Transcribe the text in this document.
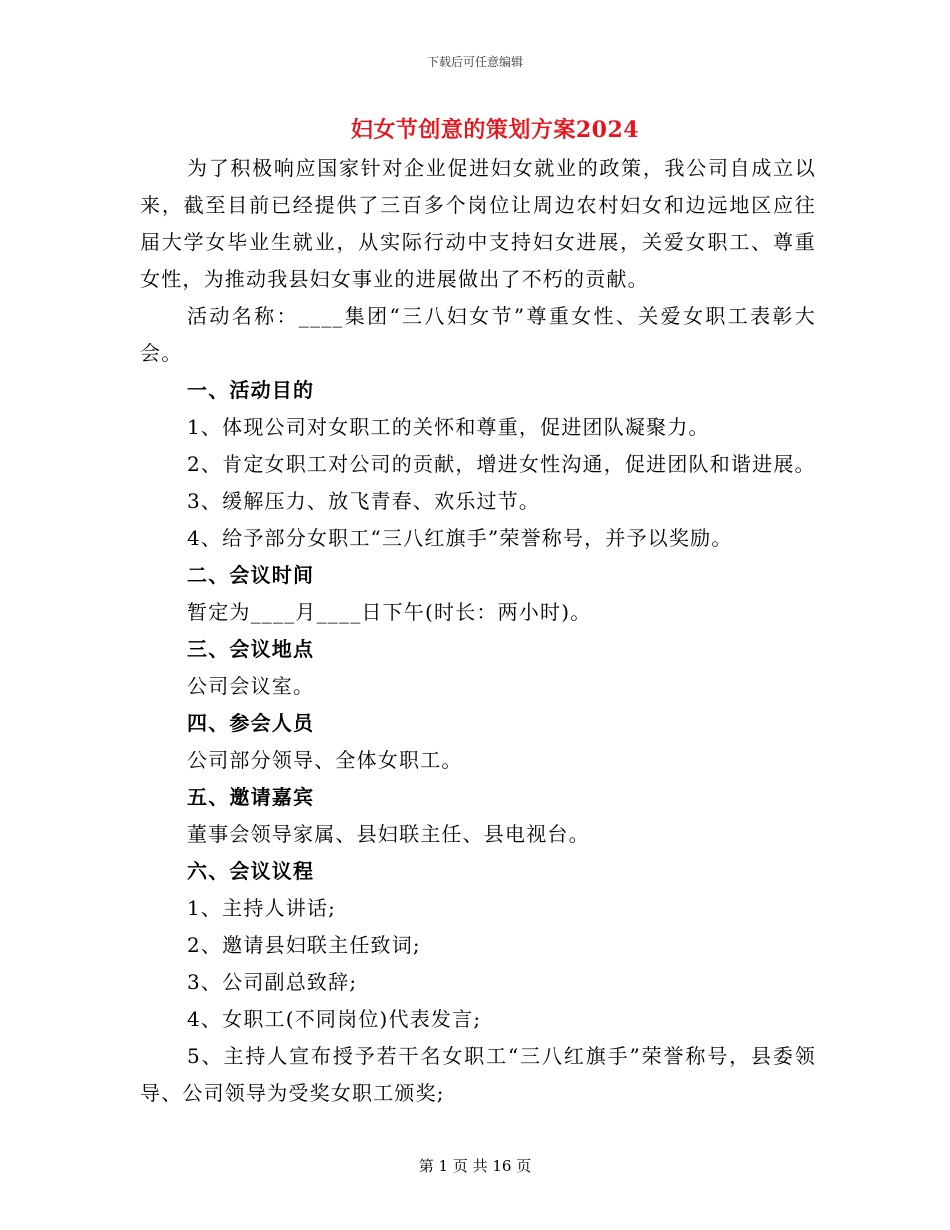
下载后可任意编辑
妇女节创意的策划方案2024

为了积极响应国家针对企业促进妇女就业的政策，我公司自成立以来，截至目前已经提供了三百多个岗位让周边农村妇女和边远地区应往届大学女毕业生就业，从实际行动中支持妇女进展，关爱女职工、尊重女性，为推动我县妇女事业的进展做出了不朽的贡献。

活动名称：____集团“三八妇女节”尊重女性、关爱女职工表彰大会。

一、活动目的

1、体现公司对女职工的关怀和尊重，促进团队凝聚力。

2、肯定女职工对公司的贡献，增进女性沟通，促进团队和谐进展。

3、缓解压力、放飞青春、欢乐过节。

4、给予部分女职工“三八红旗手”荣誉称号，并予以奖励。

二、会议时间

暂定为____月____日下午(时长：两小时)。

三、会议地点

公司会议室。

四、参会人员

公司部分领导、全体女职工。

五、邀请嘉宾

董事会领导家属、县妇联主任、县电视台。

六、会议议程

1、主持人讲话;

2、邀请县妇联主任致词;

3、公司副总致辞;

4、女职工(不同岗位)代表发言;

5、主持人宣布授予若干名女职工“三八红旗手”荣誉称号，县委领导、公司领导为受奖女职工颁奖;

第 1 页 共 16 页
